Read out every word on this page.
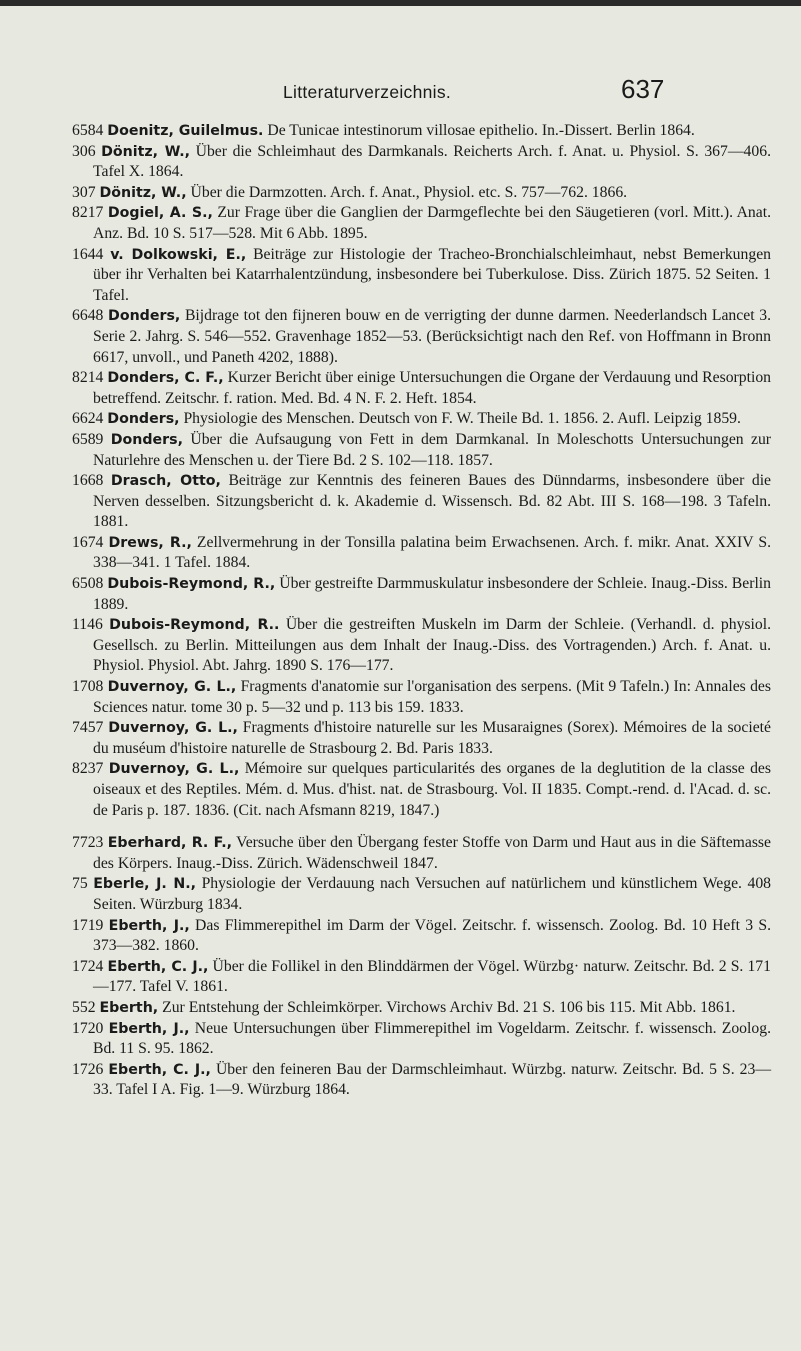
Litteraturverzeichnis.	637

6584 Doenitz, Guilelmus. De Tunicae intestinorum villosae epithelio. In.-Dissert. Berlin 1864.

306 Dönitz, W., Über die Schleimhaut des Darmkanals. Reicherts Arch. f. Anat. u. Physiol. S. 367—406. Tafel X. 1864.

307 Dönitz, W., Über die Darmzotten. Arch. f. Anat., Physiol. etc. S. 757—762. 1866.

8217 Dogiel, A. S., Zur Frage über die Ganglien der Darmgeflechte bei den Säugetieren (vorl. Mitt.). Anat. Anz. Bd. 10 S. 517—528. Mit 6 Abb. 1895.

1644 v. Dolkowski, E., Beiträge zur Histologie der Tracheo-Bronchialschleimhaut, nebst Bemerkungen über ihr Verhalten bei Katarrhalentzündung, insbesondere bei Tuberkulose. Diss. Zürich 1875. 52 Seiten. 1 Tafel.

6648 Donders, Bijdrage tot den fijneren bouw en de verrigting der dunne darmen. Neederlandsch Lancet 3. Serie 2. Jahrg. S. 546—552. Gravenhage 1852—53. (Berücksichtigt nach den Ref. von Hoffmann in Bronn 6617, unvoll., und Paneth 4202, 1888).

8214 Donders, C. F., Kurzer Bericht über einige Untersuchungen die Organe der Verdauung und Resorption betreffend. Zeitschr. f. ration. Med. Bd. 4 N. F. 2. Heft. 1854.

6624 Donders, Physiologie des Menschen. Deutsch von F. W. Theile Bd. 1. 1856. 2. Aufl. Leipzig 1859.

6589 Donders, Über die Aufsaugung von Fett in dem Darmkanal. In Moleschotts Untersuchungen zur Naturlehre des Menschen u. der Tiere Bd. 2 S. 102—118. 1857.

1668 Drasch, Otto, Beiträge zur Kenntnis des feineren Baues des Dünndarms, insbesondere über die Nerven desselben. Sitzungsbericht d. k. Akademie d. Wissensch. Bd. 82 Abt. III S. 168—198. 3 Tafeln. 1881.

1674 Drews, R., Zellvermehrung in der Tonsilla palatina beim Erwachsenen. Arch. f. mikr. Anat. XXIV S. 338—341. 1 Tafel. 1884.

6508 Dubois-Reymond, R., Über gestreifte Darmmuskulatur insbesondere der Schleie. Inaug.-Diss. Berlin 1889.

1146 Dubois-Reymond, R.. Über die gestreiften Muskeln im Darm der Schleie. (Verhandl. d. physiol. Gesellsch. zu Berlin. Mitteilungen aus dem Inhalt der Inaug.-Diss. des Vortragenden.) Arch. f. Anat. u. Physiol. Physiol. Abt. Jahrg. 1890 S. 176—177.

1708 Duvernoy, G. L., Fragments d'anatomie sur l'organisation des serpens. (Mit 9 Tafeln.) In: Annales des Sciences natur. tome 30 p. 5—32 und p. 113 bis 159. 1833.

7457 Duvernoy, G. L., Fragments d'histoire naturelle sur les Musaraignes (Sorex). Mémoires de la societé du muséum d'histoire naturelle de Strasbourg 2. Bd. Paris 1833.

8237 Duvernoy, G. L., Mémoire sur quelques particularités des organes de la deglutition de la classe des oiseaux et des Reptiles. Mém. d. Mus. d'hist. nat. de Strasbourg. Vol. II 1835. Compt.-rend. d. l'Acad. d. sc. de Paris p. 187. 1836. (Cit. nach Afsmann 8219, 1847.)

7723 Eberhard, R. F., Versuche über den Übergang fester Stoffe von Darm und Haut aus in die Säftemasse des Körpers. Inaug.-Diss. Zürich. Wädenschweil 1847.

75 Eberle, J. N., Physiologie der Verdauung nach Versuchen auf natürlichem und künstlichem Wege. 408 Seiten. Würzburg 1834.

1719 Eberth, J., Das Flimmerepithel im Darm der Vögel. Zeitschr. f. wissensch. Zoolog. Bd. 10 Heft 3 S. 373—382. 1860.

1724 Eberth, C. J., Über die Follikel in den Blinddärmen der Vögel. Würzbg· naturw. Zeitschr. Bd. 2 S. 171—177. Tafel V. 1861.

552 Eberth, Zur Entstehung der Schleimkörper. Virchows Archiv Bd. 21 S. 106 bis 115. Mit Abb. 1861.

1720 Eberth, J., Neue Untersuchungen über Flimmerepithel im Vogeldarm. Zeitschr. f. wissensch. Zoolog. Bd. 11 S. 95. 1862.

1726 Eberth, C. J., Über den feineren Bau der Darmschleimhaut. Würzbg. naturw. Zeitschr. Bd. 5 S. 23—33. Tafel I A. Fig. 1—9. Würzburg 1864.
